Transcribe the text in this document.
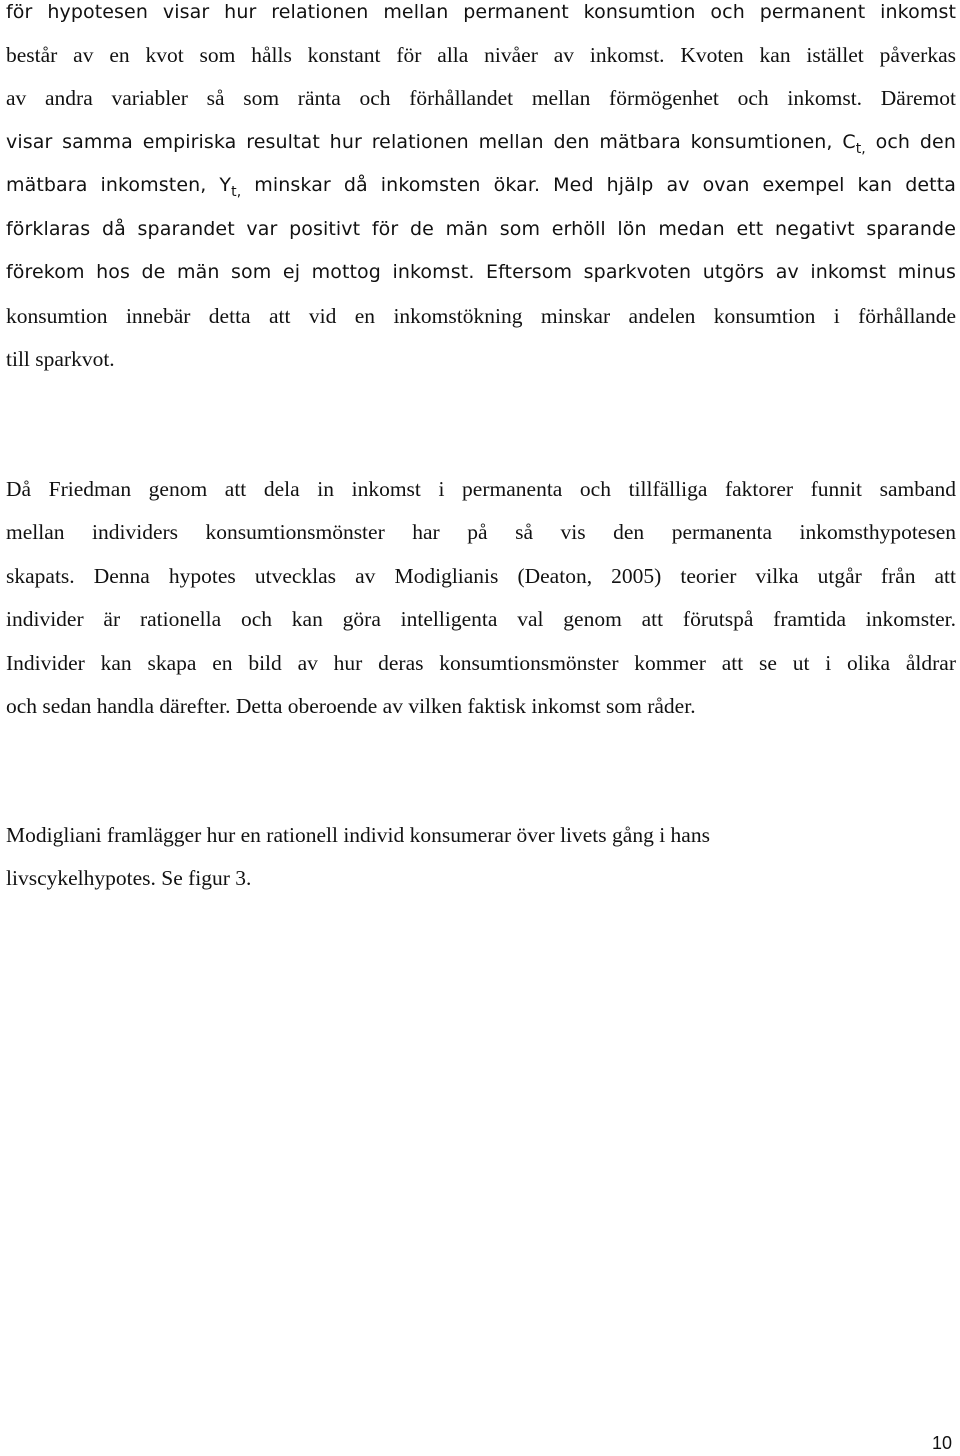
för hypotesen visar hur relationen mellan permanent konsumtion och permanent inkomst
består av en kvot som hålls konstant för alla nivåer av inkomst. Kvoten kan istället påverkas
av andra variabler så som ränta och förhållandet mellan förmögenhet och inkomst. Däremot
visar samma empiriska resultat hur relationen mellan den mätbara konsumtionen, $C_{t,}$ och den
mätbara inkomsten, $Y_{t,}$ minskar då inkomsten ökar. Med hjälp av ovan exempel kan detta
förklaras då sparandet var positivt för de män som erhöll lön medan ett negativt sparande
förekom hos de män som ej mottog inkomst. Eftersom sparkvoten utgörs av inkomst minus
konsumtion innebär detta att vid en inkomstökning minskar andelen konsumtion i förhållande
till sparkvot.
Då Friedman genom att dela in inkomst i permanenta och tillfälliga faktorer funnit samband
mellan individers konsumtionsmönster har på så vis den permanenta inkomsthypotesen
skapats. Denna hypotes utvecklas av Modiglianis (Deaton, 2005) teorier vilka utgår från att
individer är rationella och kan göra intelligenta val genom att förutspå framtida inkomster.
Individer kan skapa en bild av hur deras konsumtionsmönster kommer att se ut i olika åldrar
och sedan handla därefter. Detta oberoende av vilken faktisk inkomst som råder.
Modigliani framlägger hur en rationell individ konsumerar över livets gång i hans
livscykelhypotes. Se figur 3.
10
